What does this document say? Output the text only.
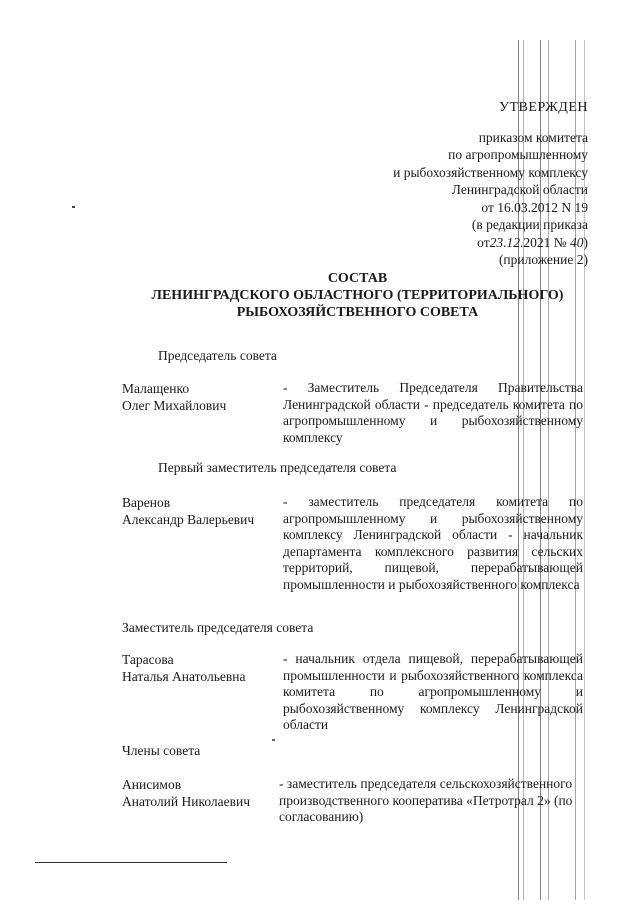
УТВЕРЖДЕН
приказом комитета
по агропромышленному
и рыбохозяйственному комплексу
Ленинградской области
от 16.03.2012 N 19
(в редакции приказа
от23.12.2021 № 40)
(приложение 2)
СОСТАВ
ЛЕНИНГРАДСКОГО ОБЛАСТНОГО (ТЕРРИТОРИАЛЬНОГО)
РЫБОХОЗЯЙСТВЕННОГО СОВЕТА
Председатель совета
Малащенко
Олег Михайлович
- Заместитель Председателя Правительства Ленинградской области - председатель комитета по агропромышленному и рыбохозяйственному комплексу
Первый заместитель председателя совета
Варенов
Александр Валерьевич
- заместитель председателя комитета по агропромышленному и рыбохозяйственному комплексу Ленинградской области - начальник департамента комплексного развития сельских территорий, пищевой, перерабатывающей промышленности и рыбохозяйственного комплекса
Заместитель председателя совета
Тарасова
Наталья Анатольевна
- начальник отдела пищевой, перерабатывающей промышленности и рыбохозяйственного комплекса комитета по агропромышленному и рыбохозяйственному комплексу Ленинградской области
Члены совета
Анисимов
Анатолий Николаевич
- заместитель председателя сельскохозяйственного производственного кооператива «Петротрал 2» (по согласованию)
